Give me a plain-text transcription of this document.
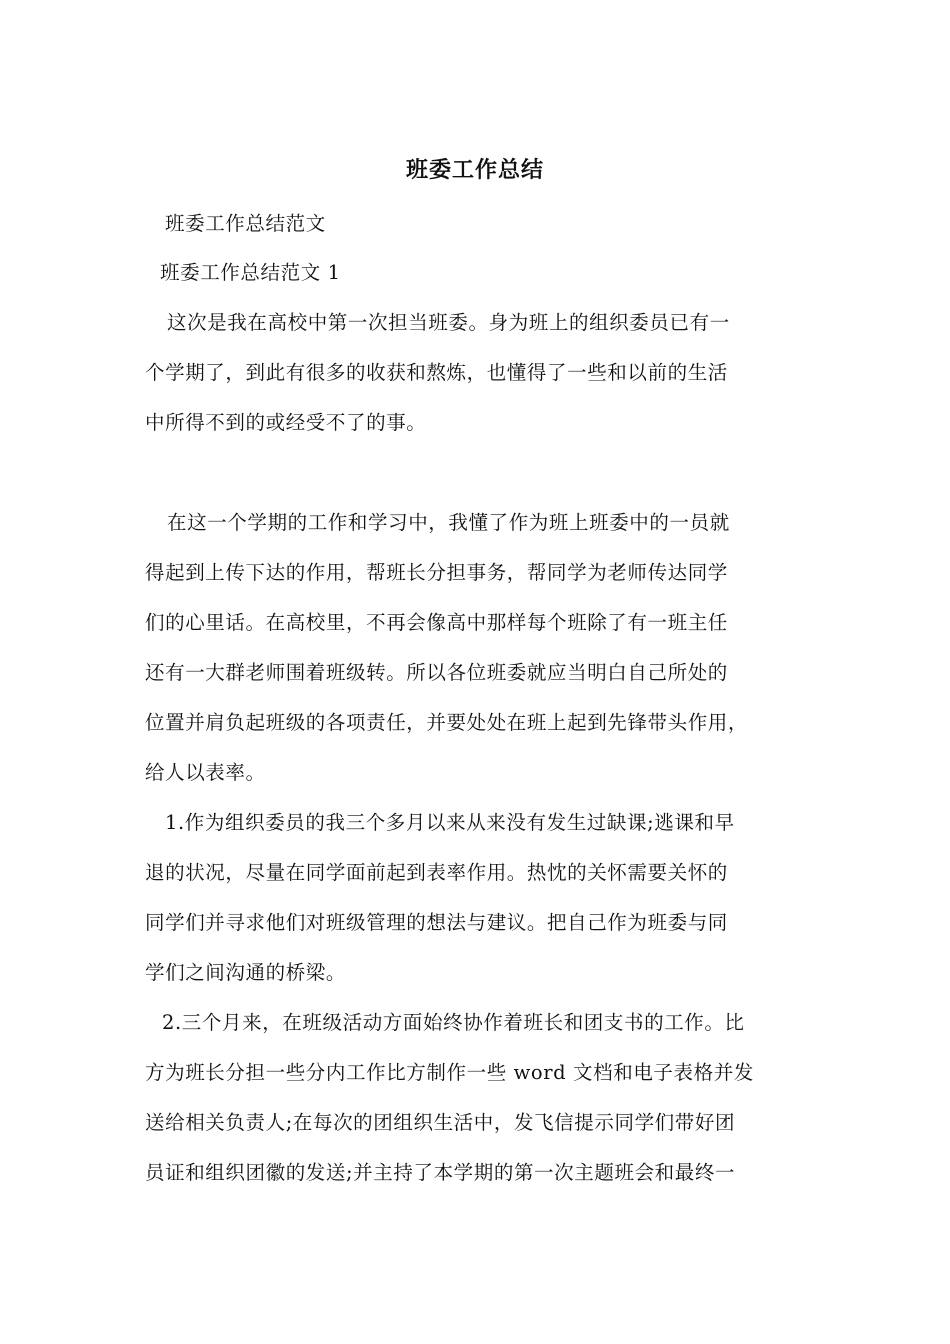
班委工作总结
班委工作总结范文
班委工作总结范文 1
这次是我在高校中第一次担当班委。身为班上的组织委员已有一
个学期了，到此有很多的收获和熬炼，也懂得了一些和以前的生活
中所得不到的或经受不了的事。
在这一个学期的工作和学习中，我懂了作为班上班委中的一员就
得起到上传下达的作用，帮班长分担事务，帮同学为老师传达同学
们的心里话。在高校里，不再会像高中那样每个班除了有一班主任
还有一大群老师围着班级转。所以各位班委就应当明白自己所处的
位置并肩负起班级的各项责任，并要处处在班上起到先锋带头作用，
给人以表率。
1.作为组织委员的我三个多月以来从来没有发生过缺课;逃课和早
退的状况，尽量在同学面前起到表率作用。热忱的关怀需要关怀的
同学们并寻求他们对班级管理的想法与建议。把自己作为班委与同
学们之间沟通的桥梁。
2.三个月来，在班级活动方面始终协作着班长和团支书的工作。比
方为班长分担一些分内工作比方制作一些 word 文档和电子表格并发
送给相关负责人;在每次的团组织生活中，发飞信提示同学们带好团
员证和组织团徽的发送;并主持了本学期的第一次主题班会和最终一
